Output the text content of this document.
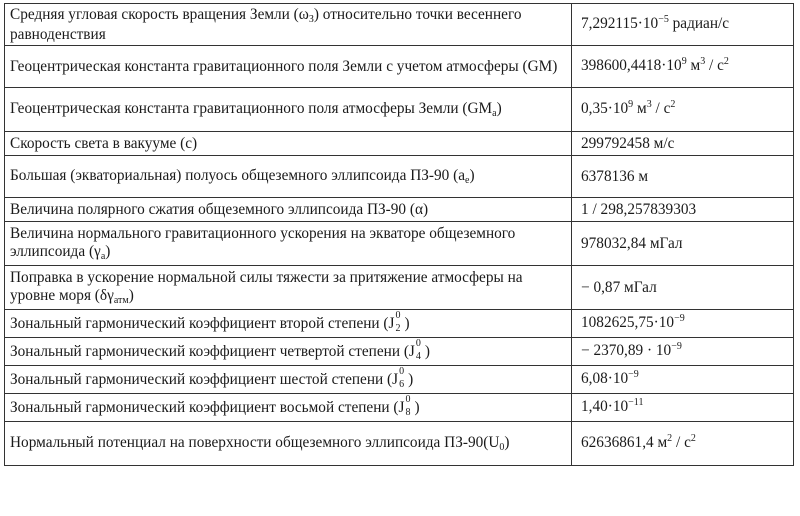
Средняя угловая скорость вращения Земли (ωЗ) относительно точки весеннего равноденствия	$7,292115\cdot 10^{-5}$ радиан/с
Геоцентрическая константа гравитационного поля Земли с учетом атмосферы (GM)	$398600,4418\cdot 10^9$ $м^3 / с^2$
Геоцентрическая константа гравитационного поля атмосферы Земли (GMа)	$0,35\cdot 10^9$ $м^3 / с^2$
Скорость света в вакууме (c)	299792458 м/с
Большая (экваториальная) полуось общеземного эллипсоида ПЗ-90 (ae)	6378136 м
Величина полярного сжатия общеземного эллипсоида ПЗ-90 (α)	1 / 298,257839303
Величина нормального гравитационного ускорения на экваторе общеземного эллипсоида (γa)	978032,84 мГал
Поправка в ускорение нормальной силы тяжести за притяжение атмосферы на уровне моря (δγатм)	− 0,87 мГал
Зональный гармонический коэффициент второй степени (J 0
2 )	$1082625,75\cdot 10^{-9}$
Зональный гармонический коэффициент четвертой степени (J 0
4 )	− $2370,89 \cdot 10^{-9}$
Зональный гармонический коэффициент шестой степени (J 0
6 )	$6,08\cdot 10^{-9}$
Зональный гармонический коэффициент восьмой степени (J 0
8 )	$1,40\cdot 10^{-11}$
Нормальный потенциал на поверхности общеземного эллипсоида ПЗ-90(U0)	62636861,4 $м^2 / с^2$
